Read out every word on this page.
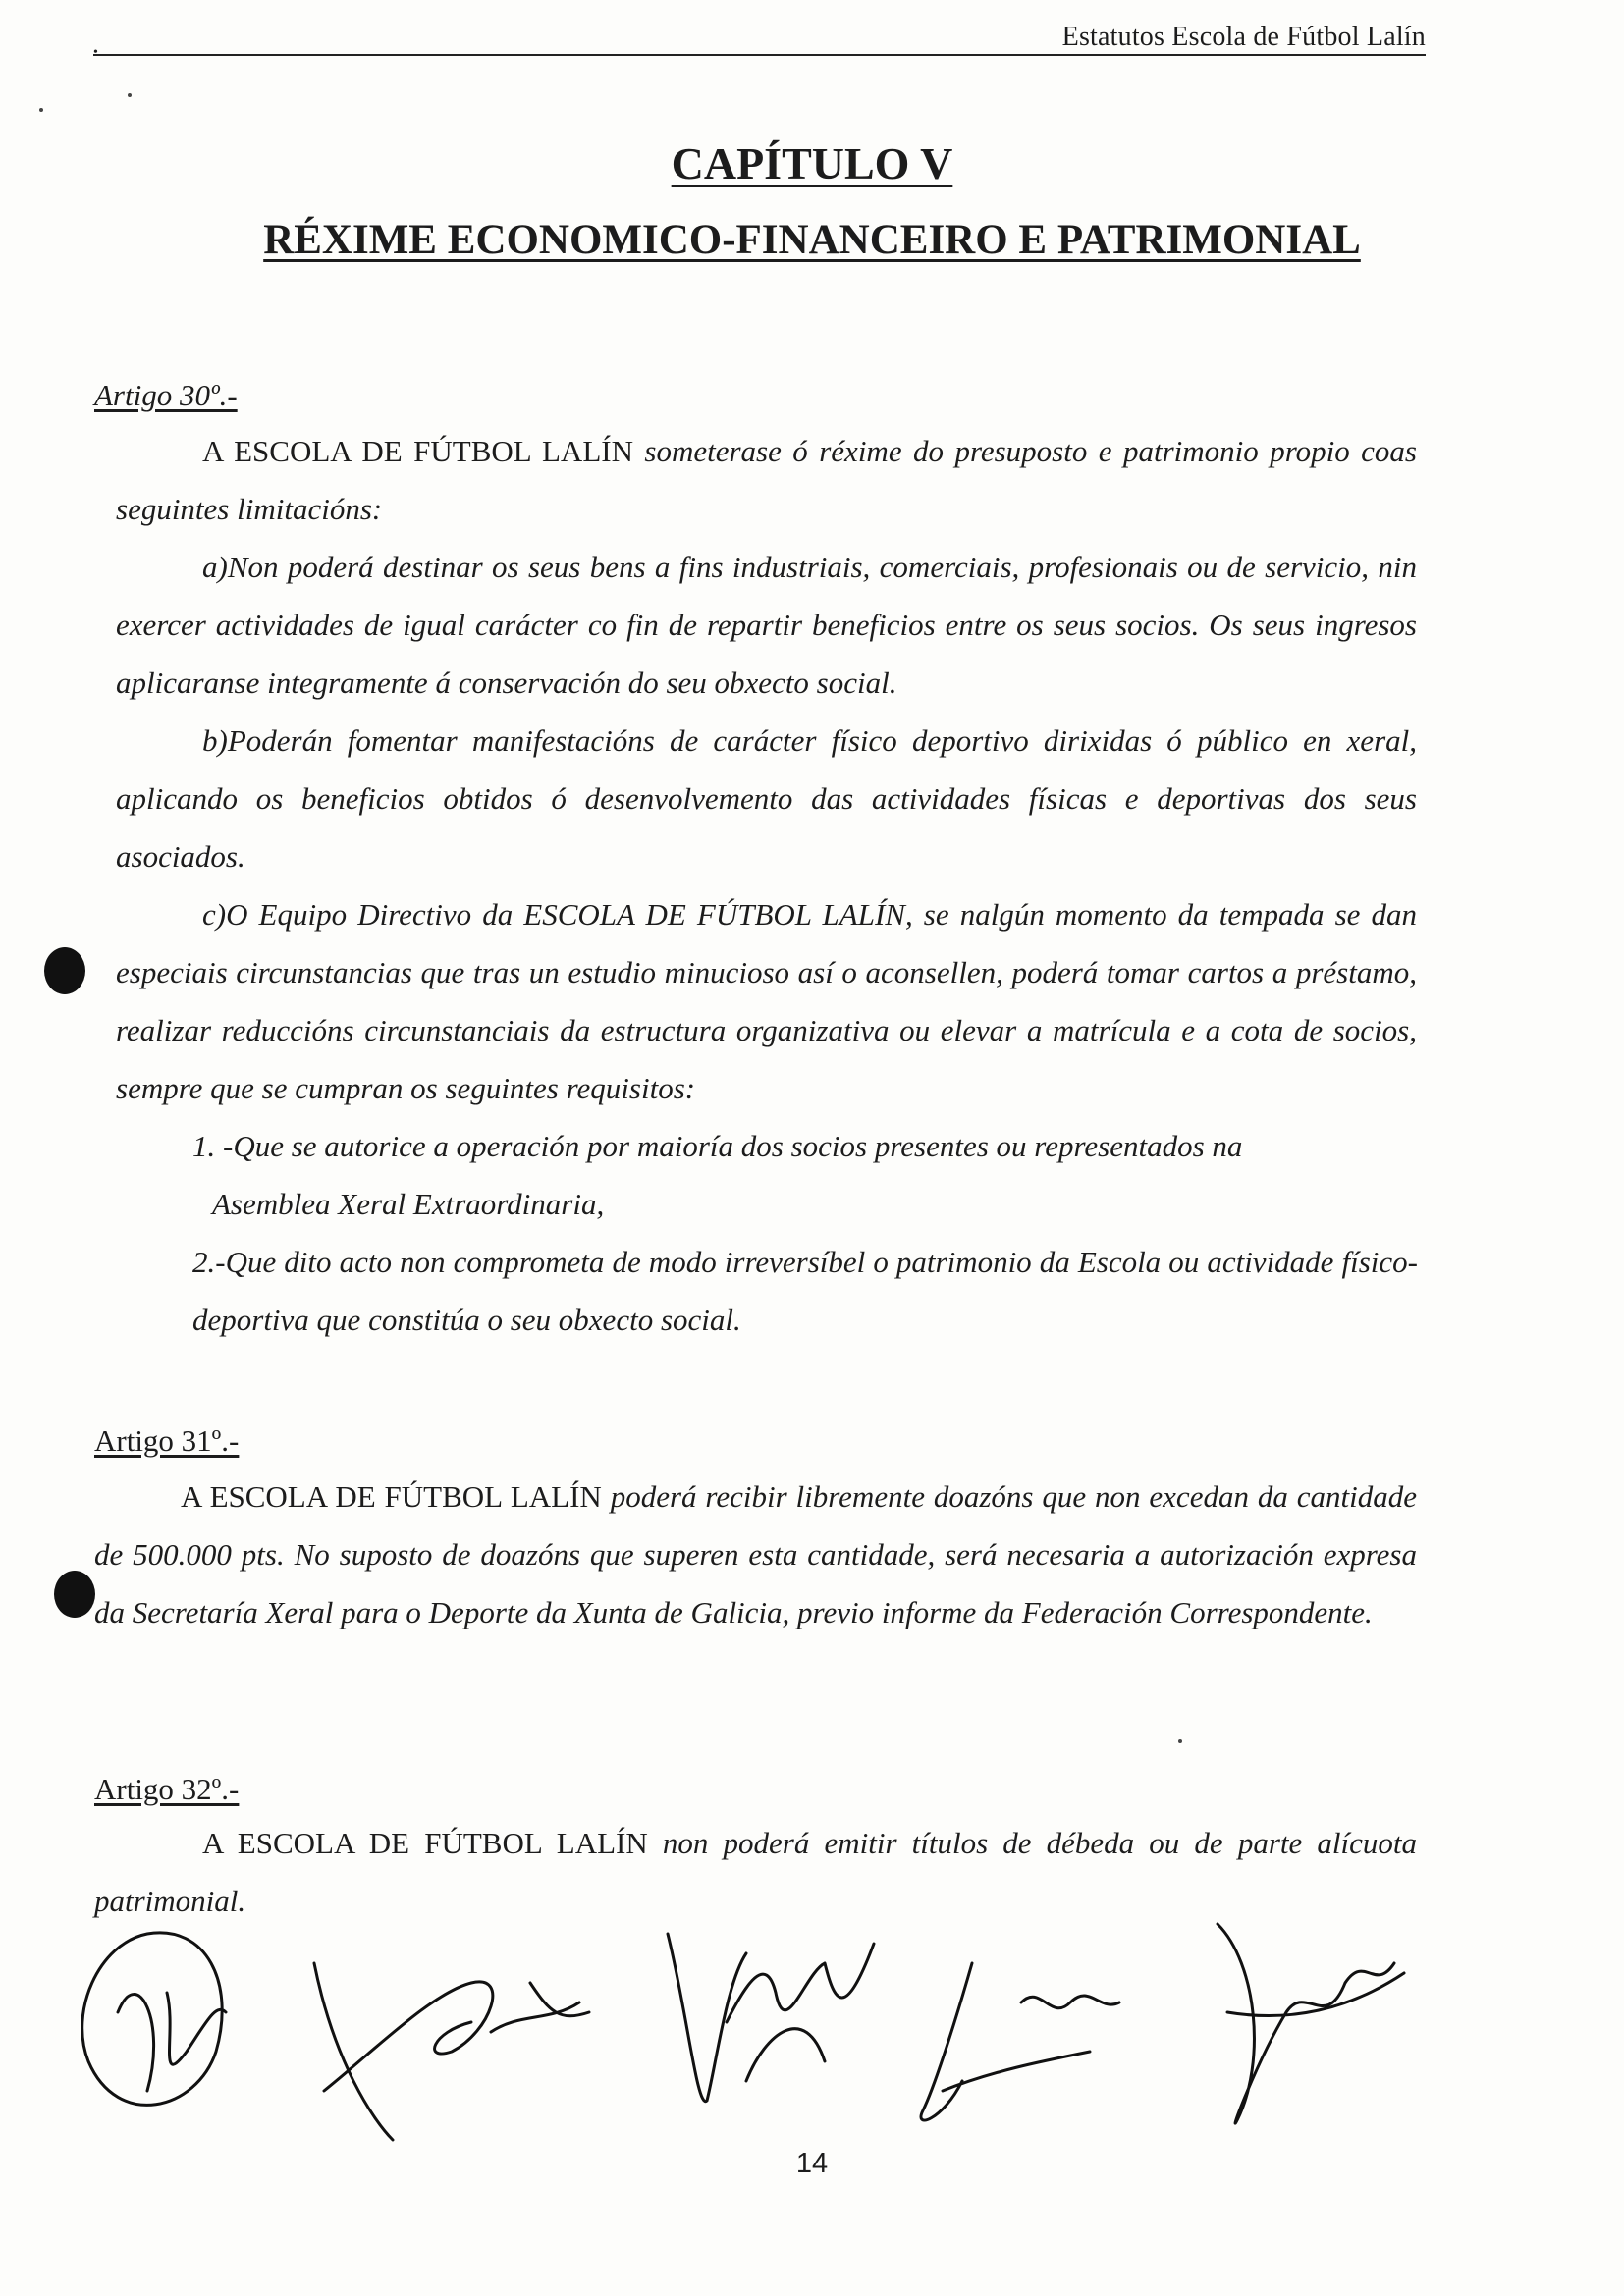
Estatutos Escola de Fútbol Lalín
•
CAPÍTULO V
RÉXIME ECONOMICO-FINANCEIRO E PATRIMONIAL
Artigo 30º.-

A ESCOLA DE FÚTBOL LALÍN someterase ó réxime do presuposto e patrimonio propio coas seguintes limitacións:

a)Non poderá destinar os seus bens a fins industriais, comerciais, profesionais ou de servicio, nin exercer actividades de igual carácter co fin de repartir beneficios entre os seus socios. Os seus ingresos aplicaranse integramente á conservación do seu obxecto social.

b)Poderán fomentar manifestacións de carácter físico deportivo dirixidas ó público en xeral, aplicando os beneficios obtidos ó desenvolvemento das actividades físicas e deportivas dos seus asociados.

c)O Equipo Directivo da ESCOLA DE FÚTBOL LALÍN, se nalgún momento da tempada se dan especiais circunstancias que tras un estudio minucioso así o aconsellen, poderá tomar cartos a préstamo, realizar reduccións circunstanciais da estructura organizativa ou elevar a matrícula e a cota de socios, sempre que se cumpran os seguintes requisitos:

1. -Que se autorice a operación por maioría dos socios presentes ou representados na
Asemblea Xeral Extraordinaria,

2.-Que dito acto non comprometa de modo irreversíbel o patrimonio da Escola ou actividade físico-deportiva que constitúa o seu obxecto social.

Artigo 31º.-

A ESCOLA DE FÚTBOL LALÍN poderá recibir libremente doazóns que non excedan da cantidade de 500.000 pts. No suposto de doazóns que superen esta cantidade, será necesaria a autorización expresa da Secretaría Xeral para o Deporte da Xunta de Galicia, previo informe da Federación Correspondente.

Artigo 32º.-

A ESCOLA DE FÚTBOL LALÍN non poderá emitir títulos de débeda ou de parte alícuota patrimonial.

14
